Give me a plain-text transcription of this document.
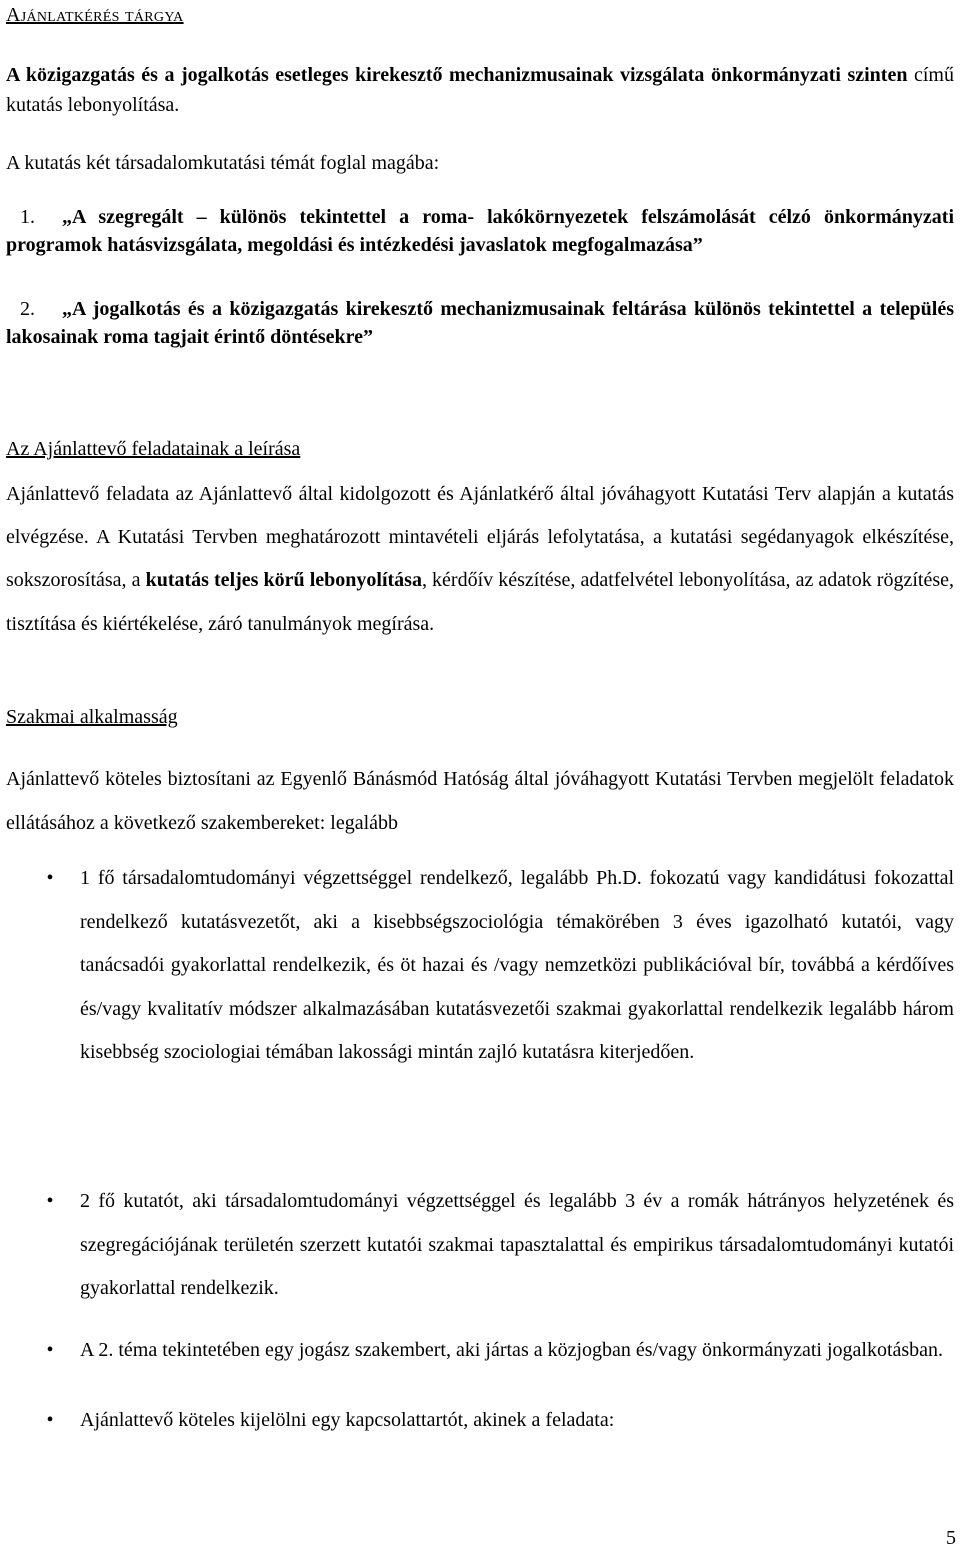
Ajánlatkérés tárgya

A közigazgatás és a jogalkotás esetleges kirekesztő mechanizmusainak vizsgálata önkormányzati szinten című kutatás lebonyolítása.

A kutatás két társadalomkutatási témát foglal magába:

1.	„A szegregált – különös tekintettel a roma- lakókörnyezetek felszámolását célzó önkormányzati programok hatásvizsgálata, megoldási és intézkedési javaslatok megfogalmazása”
2.	„A jogalkotás és a közigazgatás kirekesztő mechanizmusainak feltárása különös tekintettel a település lakosainak roma tagjait érintő döntésekre”

Az Ajánlattevő feladatainak a leírása

Ajánlattevő feladata az Ajánlattevő által kidolgozott és Ajánlatkérő által jóváhagyott Kutatási Terv alapján a kutatás elvégzése. A Kutatási Tervben meghatározott mintavételi eljárás lefolytatása, a kutatási segédanyagok elkészítése, sokszorosítása, a kutatás teljes körű lebonyolítása, kérdőív készítése, adatfelvétel lebonyolítása, az adatok rögzítése, tisztítása és kiértékelése, záró tanulmányok megírása.

Szakmai alkalmasság

Ajánlattevő köteles biztosítani az Egyenlő Bánásmód Hatóság által jóváhagyott Kutatási Tervben megjelölt feladatok ellátásához a következő szakembereket: legalább

•	1 fő társadalomtudományi végzettséggel rendelkező, legalább Ph.D. fokozatú vagy kandidátusi fokozattal rendelkező kutatásvezetőt, aki a kisebbségszociológia témakörében 3 éves igazolható kutatói, vagy tanácsadói gyakorlattal rendelkezik, és öt hazai és /vagy nemzetközi publikációval bír, továbbá a kérdőíves és/vagy kvalitatív módszer alkalmazásában kutatásvezetői szakmai gyakorlattal rendelkezik legalább három kisebbség szociologiai témában lakossági mintán zajló kutatásra kiterjedően.
•	2 fő kutatót, aki társadalomtudományi végzettséggel és legalább 3 év a romák hátrányos helyzetének és szegregációjának területén szerzett kutatói szakmai tapasztalattal és empirikus társadalomtudományi kutatói gyakorlattal rendelkezik.
•	A 2. téma tekintetében egy jogász szakembert, aki jártas a közjogban és/vagy önkormányzati jogalkotásban.
•	Ajánlattevő köteles kijelölni egy kapcsolattartót, akinek a feladata:
5
